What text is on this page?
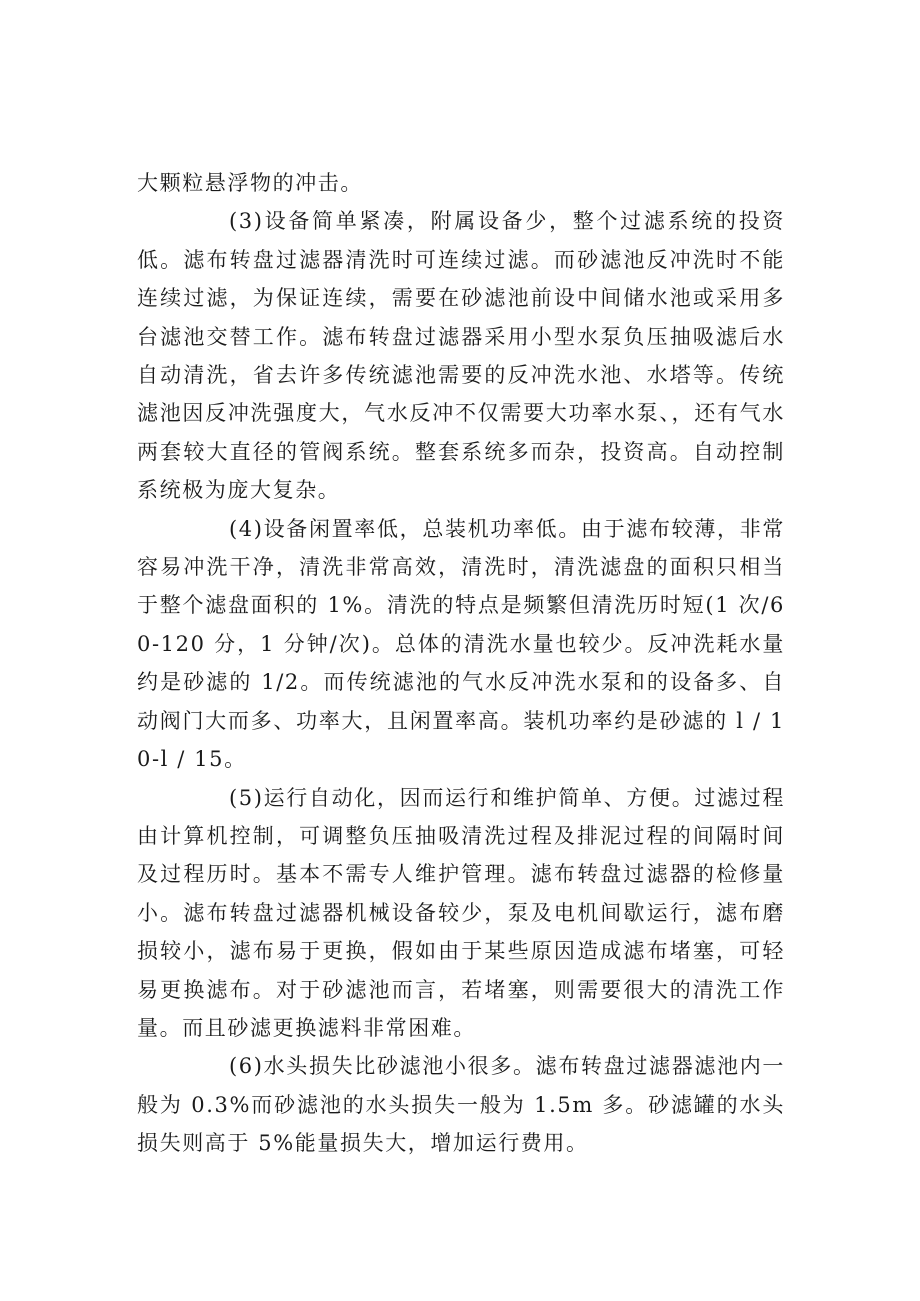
大颗粒悬浮物的冲击。

(3)设备简单紧凑，附属设备少，整个过滤系统的投资低。滤布转盘过滤器清洗时可连续过滤。而砂滤池反冲洗时不能连续过滤，为保证连续，需要在砂滤池前设中间储水池或采用多台滤池交替工作。滤布转盘过滤器采用小型水泵负压抽吸滤后水自动清洗，省去许多传统滤池需要的反冲洗水池、水塔等。传统滤池因反冲洗强度大，气水反冲不仅需要大功率水泵、，还有气水两套较大直径的管阀系统。整套系统多而杂，投资高。自动控制系统极为庞大复杂。

(4)设备闲置率低，总装机功率低。由于滤布较薄，非常容易冲洗干净，清洗非常高效，清洗时，清洗滤盘的面积只相当于整个滤盘面积的 1%。清洗的特点是频繁但清洗历时短(1 次/60-120 分，1 分钟/次)。总体的清洗水量也较少。反冲洗耗水量约是砂滤的 1/2。而传统滤池的气水反冲洗水泵和的设备多、自动阀门大而多、功率大，且闲置率高。装机功率约是砂滤的 l / 10-l / 15。

(5)运行自动化，因而运行和维护简单、方便。过滤过程由计算机控制，可调整负压抽吸清洗过程及排泥过程的间隔时间及过程历时。基本不需专人维护管理。滤布转盘过滤器的检修量小。滤布转盘过滤器机械设备较少，泵及电机间歇运行，滤布磨损较小，滤布易于更换，假如由于某些原因造成滤布堵塞，可轻易更换滤布。对于砂滤池而言，若堵塞，则需要很大的清洗工作量。而且砂滤更换滤料非常困难。

(6)水头损失比砂滤池小很多。滤布转盘过滤器滤池内一般为 0.3%而砂滤池的水头损失一般为 1.5m 多。砂滤罐的水头损失则高于 5%能量损失大，增加运行费用。
